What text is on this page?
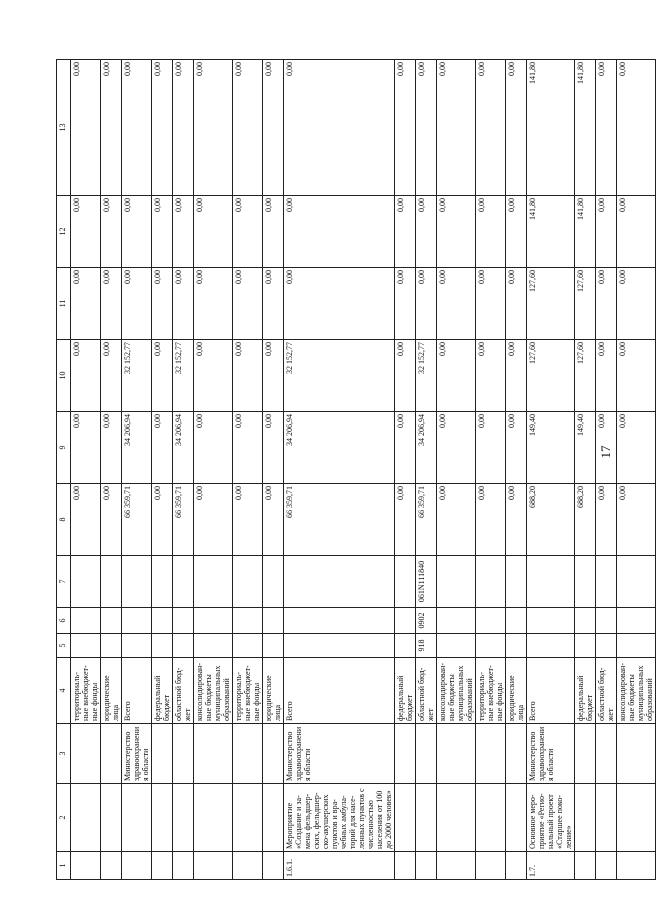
17
1	2	3	4	5	6	7	8	9	10	11	12	13
			территориаль-ные внебюджет-ные фонды				0,00	0,00	0,00	0,00	0,00	0,00
			юридические лица				0,00	0,00	0,00	0,00	0,00	0,00
		Министерство здравоохранения области	Всего				66 359,71	34 206,94	32 152,77	0,00	0,00	0,00
			федеральный бюджет				0,00	0,00	0,00	0,00	0,00	0,00
			областной бюд-жет				66 359,71	34 206,94	32 152,77	0,00	0,00	0,00
			консолидирован-ные бюджеты муниципальных образований				0,00	0,00	0,00	0,00	0,00	0,00
			территориаль-ные внебюджет-ные фонды				0,00	0,00	0,00	0,00	0,00	0,00
			юридические лица				0,00	0,00	0,00	0,00	0,00	0,00
1.6.1.	Мероприятие «Создание и за-мена фельдшер-ских, фельдшер-ско-акушерских пунктов и вра-чебных амбула-торий для насе-ленных пунктов с численностью населения от 100 до 2000 человек»	Министерство здравоохранения области	Всего				66 359,71	34 206,94	32 152,77	0,00	0,00	0,00
			федеральный бюджет				0,00	0,00	0,00	0,00	0,00	0,00
			областной бюд-жет	918	0902	061N111840	66 359,71	34 206,94	32 152,77	0,00	0,00	0,00
			консолидирован-ные бюджеты муниципальных образований				0,00	0,00	0,00	0,00	0,00	0,00
			территориаль-ные внебюджет-ные фонды				0,00	0,00	0,00	0,00	0,00	0,00
			юридические лица				0,00	0,00	0,00	0,00	0,00	0,00
1.7.	Основное меро-приятие «Регио-нальный проект «Старшее поко-ление»	Министерство здравоохранения области	Всего				688,20	149,40	127,60	127,60	141,80	141,80
			федеральный бюджет				688,20	149,40	127,60	127,60	141,80	141,80
			областной бюд-жет				0,00	0,00	0,00	0,00	0,00	0,00
			консолидирован-ные бюджеты муниципальных образований				0,00	0,00	0,00	0,00	0,00	0,00
